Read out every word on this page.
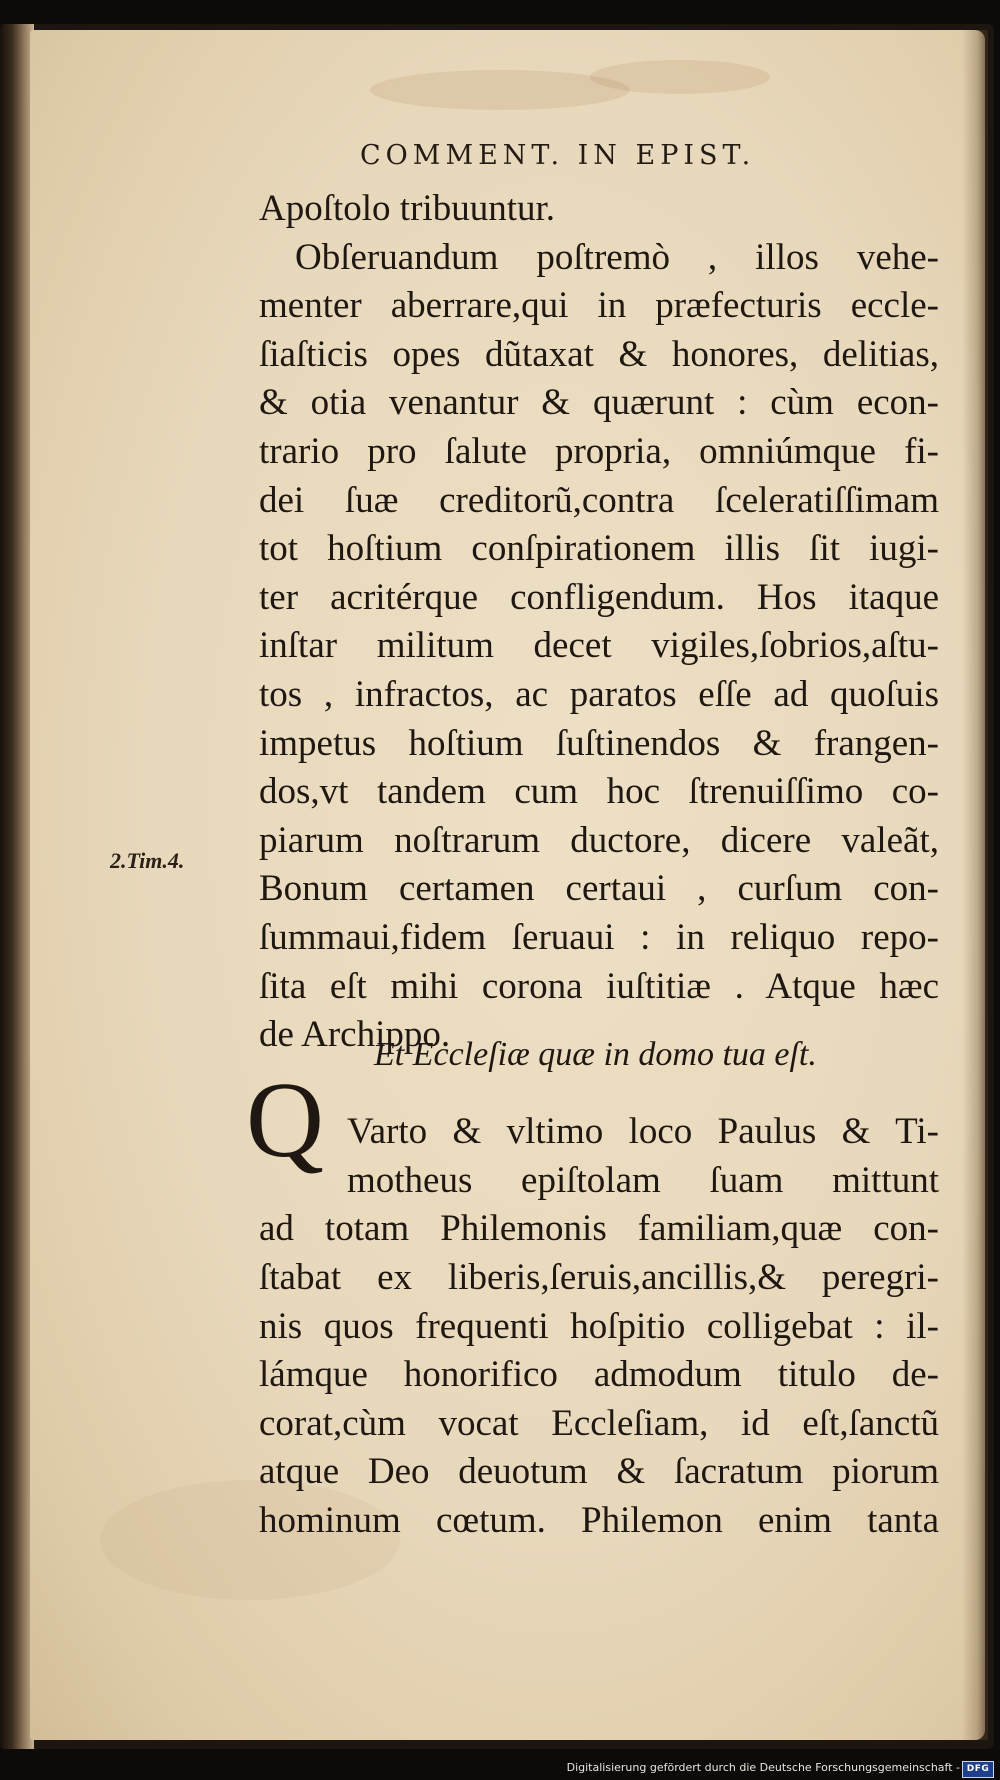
COMMENT. IN EPIST.
2.Tim.4.
Apoſtolo tribuuntur.
Obſeruandum poſtremò , illos vehe-
menter aberrare,qui in præfecturis eccle-
ſiaſticis opes dũtaxat & honores, delitias,
& otia venantur & quærunt : cùm econ-
trario pro ſalute propria, omniúmque fi-
dei ſuæ creditorũ,contra ſceleratiſſimam
tot hoſtium conſpirationem illis ſit iugi-
ter acritérque confligendum. Hos itaque
inſtar militum decet vigiles,ſobrios,aſtu-
tos , infractos, ac paratos eſſe ad quoſuis
impetus hoſtium ſuſtinendos & frangen-
dos,vt tandem cum hoc ſtrenuiſſimo co-
piarum noſtrarum ductore, dicere valeãt,
Bonum certamen certaui , curſum con-
ſummaui,fidem ſeruaui : in reliquo repo-
ſita eſt mihi corona iuſtitiæ . Atque hæc
de Archippo.
Varto & vltimo loco Paulus & Ti-
motheus epiſtolam ſuam mittunt
ad totam Philemonis familiam,quæ con-
ſtabat ex liberis,ſeruis,ancillis,& peregri-
nis quos frequenti hoſpitio colligebat : il-
lámque honorifico admodum titulo de-
corat,cùm vocat Eccleſiam, id eſt,ſanctũ
atque Deo deuotum & ſacratum piorum
hominum cœtum. Philemon enim tanta
Et Eccleſiæ quæ in domo tua eſt.
Q
Digitalisierung gefördert durch die Deutsche Forschungsgemeinschaft - DFG
